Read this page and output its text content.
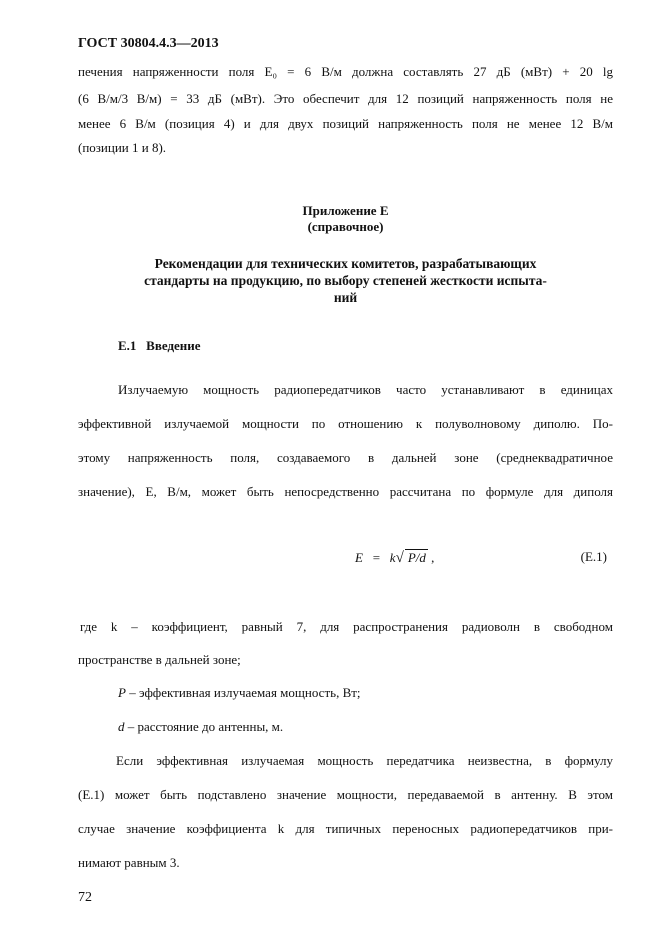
ГОСТ 30804.4.3—2013
печения напряженности поля E₀ = 6 В/м должна составлять 27 дБ (мВт) + 20 lg
(6 В/м/3 В/м) = 33 дБ (мВт). Это обеспечит для 12 позиций напряженность поля не
менее 6 В/м (позиция 4) и для двух позиций напряженность поля не менее 12 В/м
(позиции 1 и 8).
Приложение Е
(справочное)
Рекомендации для технических комитетов, разрабатывающих
стандарты на продукцию, по выбору степеней жесткости испыта-
ний
Е.1 Введение
Излучаемую мощность радиопередатчиков часто устанавливают в единицах
эффективной излучаемой мощности по отношению к полуволновому диполю. По-
этому напряженность поля, создаваемого в дальней зоне (среднеквадратичное
значение), E, В/м, может быть непосредственно рассчитана по формуле для диполя
E = k√ P/d ,	(Е.1)
где k – коэффициент, равный 7, для распространения радиоволн в свободном
пространстве в дальней зоне;
P – эффективная излучаемая мощность, Вт;
d – расстояние до антенны, м.
Если эффективная излучаемая мощность передатчика неизвестна, в формулу
(Е.1) может быть подставлено значение мощности, передаваемой в антенну. В этом
случае значение коэффициента k для типичных переносных радиопередатчиков при-
нимают равным 3.
72
